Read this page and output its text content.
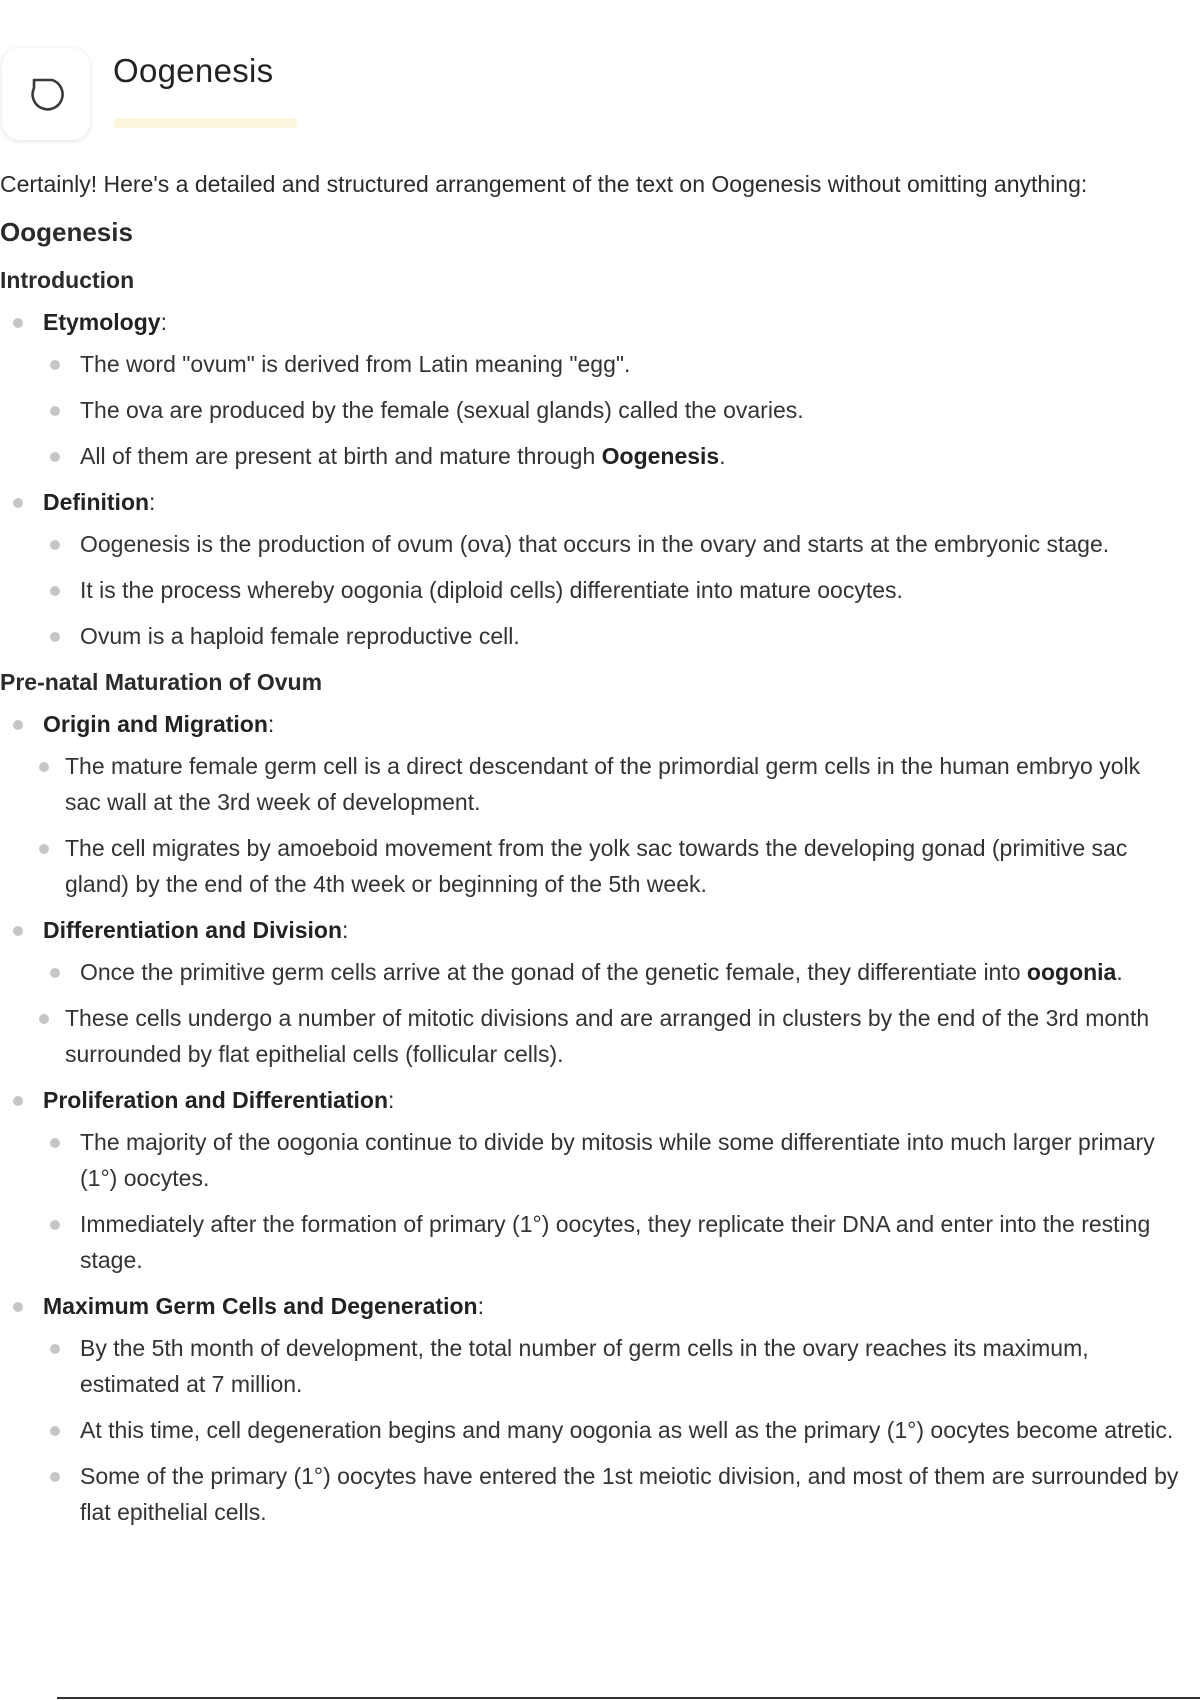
Oogenesis
Certainly! Here's a detailed and structured arrangement of the text on Oogenesis without omitting anything:
Oogenesis
Introduction
Etymology:
The word "ovum" is derived from Latin meaning "egg".
The ova are produced by the female (sexual glands) called the ovaries.
All of them are present at birth and mature through Oogenesis.
Definition:
Oogenesis is the production of ovum (ova) that occurs in the ovary and starts at the embryonic stage.
It is the process whereby oogonia (diploid cells) differentiate into mature oocytes.
Ovum is a haploid female reproductive cell.
Pre-natal Maturation of Ovum
Origin and Migration:
The mature female germ cell is a direct descendant of the primordial germ cells in the human embryo yolk
sac wall at the 3rd week of development.
The cell migrates by amoeboid movement from the yolk sac towards the developing gonad (primitive sac
gland) by the end of the 4th week or beginning of the 5th week.
Differentiation and Division:
Once the primitive germ cells arrive at the gonad of the genetic female, they differentiate into oogonia.
These cells undergo a number of mitotic divisions and are arranged in clusters by the end of the 3rd month
surrounded by flat epithelial cells (follicular cells).
Proliferation and Differentiation:
The majority of the oogonia continue to divide by mitosis while some differentiate into much larger primary
(1°) oocytes.
Immediately after the formation of primary (1°) oocytes, they replicate their DNA and enter into the resting
stage.
Maximum Germ Cells and Degeneration:
By the 5th month of development, the total number of germ cells in the ovary reaches its maximum,
estimated at 7 million.
At this time, cell degeneration begins and many oogonia as well as the primary (1°) oocytes become atretic.
Some of the primary (1°) oocytes have entered the 1st meiotic division, and most of them are surrounded by
flat epithelial cells.
